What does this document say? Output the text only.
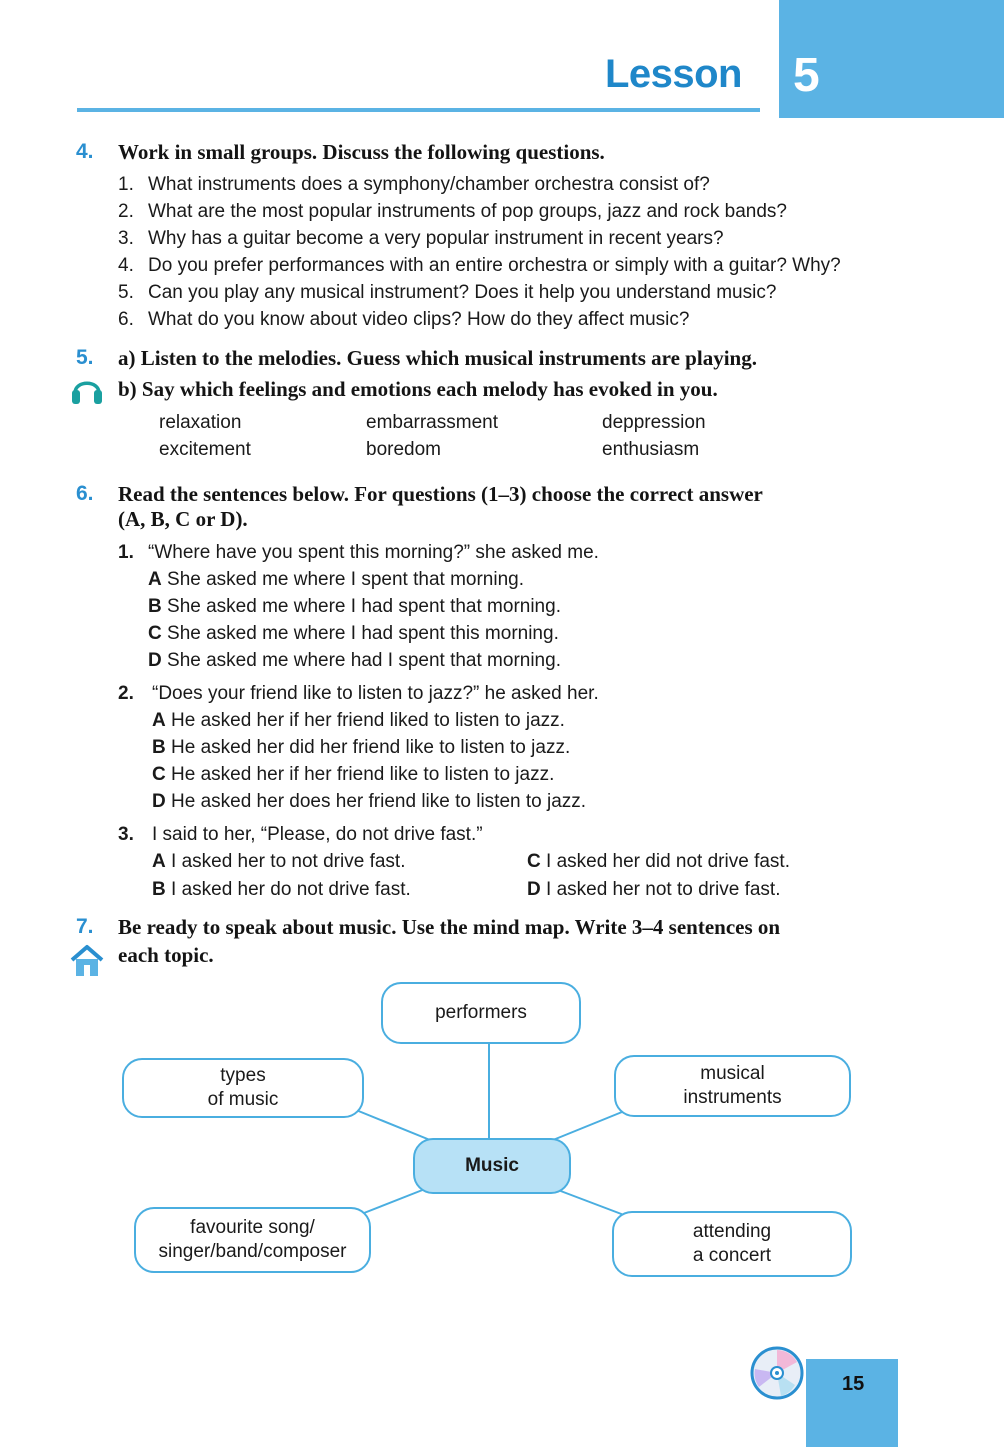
Lesson 5
4. Work in small groups. Discuss the following questions.
1. What instruments does a symphony/chamber orchestra consist of?
2. What are the most popular instruments of pop groups, jazz and rock bands?
3. Why has a guitar become a very popular instrument in recent years?
4. Do you prefer performances with an entire orchestra or simply with a guitar? Why?
5. Can you play any musical instrument? Does it help you understand music?
6. What do you know about video clips? How do they affect music?
5. a) Listen to the melodies. Guess which musical instruments are playing.
b) Say which feelings and emotions each melody has evoked in you.
relaxation	embarrassment	deppression
excitement	boredom	enthusiasm
6. Read the sentences below. For questions (1–3) choose the correct answer
(A, B, C or D).
1. “Where have you spent this morning?” she asked me.
A She asked me where I spent that morning.
B She asked me where I had spent that morning.
C She asked me where I had spent this morning.
D She asked me where had I spent that morning.
2. “Does your friend like to listen to jazz?” he asked her.
A He asked her if her friend liked to listen to jazz.
B He asked her did her friend like to listen to jazz.
C He asked her if her friend like to listen to jazz.
D He asked her does her friend like to listen to jazz.
3. I said to her, “Please, do not drive fast.”
A I asked her to not drive fast.	C I asked her did not drive fast.
B I asked her do not drive fast.	D I asked her not to drive fast.
7. Be ready to speak about music. Use the mind map. Write 3–4 sentences on
each topic.
performers
types
of music
musical
instruments
Music
favourite song/
singer/band/composer
attending
a concert
15
